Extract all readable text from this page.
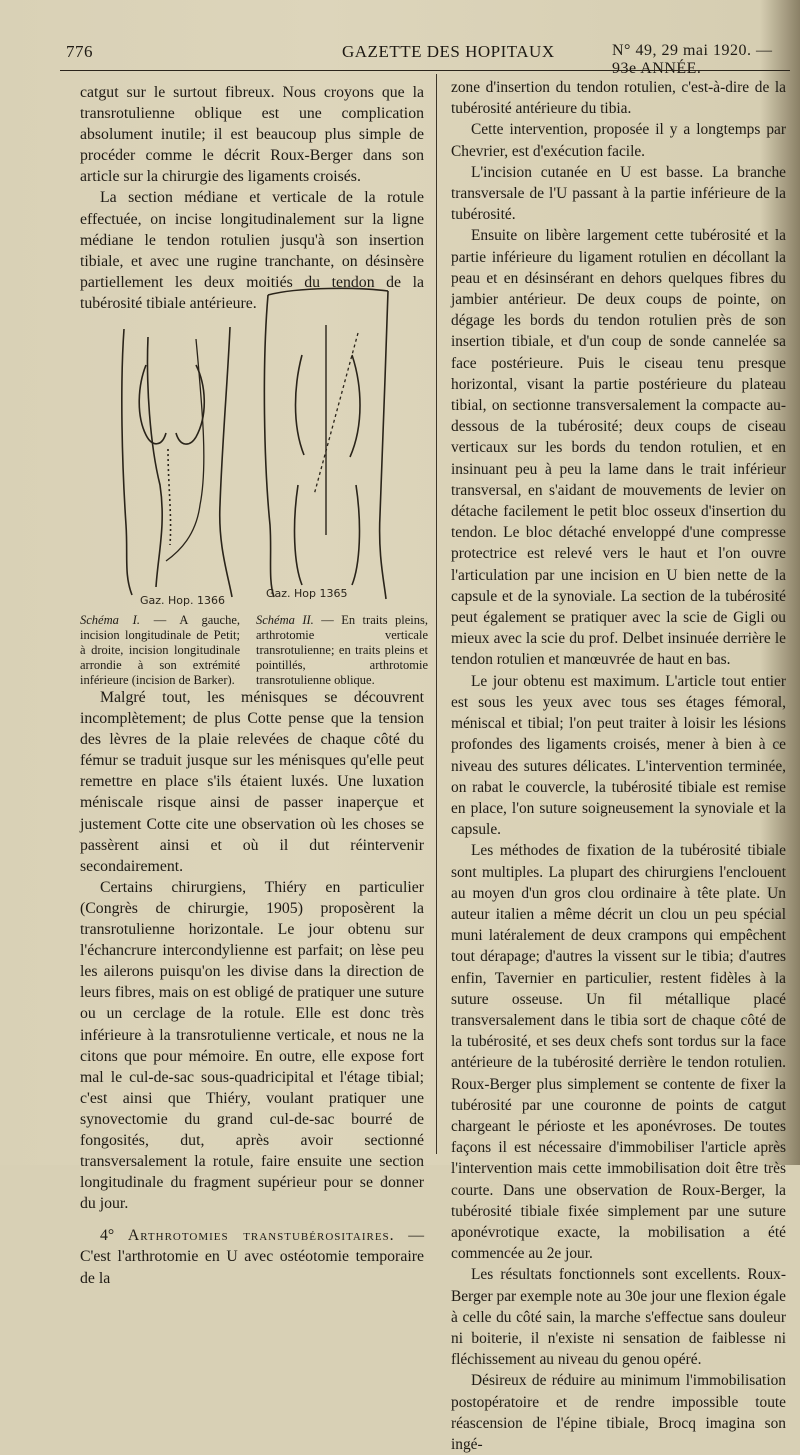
776	GAZETTE DES HOPITAUX	N° 49, 29 mai 1920. — 93e ANNÉE.

catgut sur le surtout fibreux. Nous croyons que la transrotulienne oblique est une complication absolument inutile; il est beaucoup plus simple de procéder comme le décrit Roux-Berger dans son article sur la chirurgie des ligaments croisés.

La section médiane et verticale de la rotule effectuée, on incise longitudinalement sur la ligne médiane le tendon rotulien jusqu'à son insertion tibiale, et avec une rugine tranchante, on désinsère partiellement les deux moitiés du tendon de la tubérosité tibiale antérieure.

Gaz. Hop. 1366
Gaz. Hop 1365
Schéma I. — A gauche, incision longitudinale de Petit; à droite, incision longitudinale arrondie à son extrémité inférieure (incision de Barker).
Schéma II. — En traits pleins, arthrotomie verticale transrotulienne; en traits pleins et pointillés, arthrotomie transrotulienne oblique.

Malgré tout, les ménisques se découvrent incomplètement; de plus Cotte pense que la tension des lèvres de la plaie relevées de chaque côté du fémur se traduit jusque sur les ménisques qu'elle peut remettre en place s'ils étaient luxés. Une luxation méniscale risque ainsi de passer inaperçue et justement Cotte cite une observation où les choses se passèrent ainsi et où il dut réintervenir secondairement.

Certains chirurgiens, Thiéry en particulier (Congrès de chirurgie, 1905) proposèrent la transrotulienne horizontale. Le jour obtenu sur l'échancrure intercondylienne est parfait; on lèse peu les ailerons puisqu'on les divise dans la direction de leurs fibres, mais on est obligé de pratiquer une suture ou un cerclage de la rotule. Elle est donc très inférieure à la transrotulienne verticale, et nous ne la citons que pour mémoire. En outre, elle expose fort mal le cul-de-sac sous-quadricipital et l'étage tibial; c'est ainsi que Thiéry, voulant pratiquer une synovectomie du grand cul-de-sac bourré de fongosités, dut, après avoir sectionné transversalement la rotule, faire ensuite une section longitudinale du fragment supérieur pour se donner du jour.

4° Arthrotomies transtubérositaires. — C'est l'arthrotomie en U avec ostéotomie temporaire de la

zone d'insertion du tendon rotulien, c'est-à-dire de la tubérosité antérieure du tibia.

Cette intervention, proposée il y a longtemps par Chevrier, est d'exécution facile.

L'incision cutanée en U est basse. La branche transversale de l'U passant à la partie inférieure de la tubérosité.

Ensuite on libère largement cette tubérosité et la partie inférieure du ligament rotulien en décollant la peau et en désinsérant en dehors quelques fibres du jambier antérieur. De deux coups de pointe, on dégage les bords du tendon rotulien près de son insertion tibiale, et d'un coup de sonde cannelée sa face postérieure. Puis le ciseau tenu presque horizontal, visant la partie postérieure du plateau tibial, on sectionne transversalement la compacte au-dessous de la tubérosité; deux coups de ciseau verticaux sur les bords du tendon rotulien, et en insinuant peu à peu la lame dans le trait inférieur transversal, en s'aidant de mouvements de levier on détache facilement le petit bloc osseux d'insertion du tendon. Le bloc détaché enveloppé d'une compresse protectrice est relevé vers le haut et l'on ouvre l'articulation par une incision en U bien nette de la capsule et de la synoviale. La section de la tubérosité peut également se pratiquer avec la scie de Gigli ou mieux avec la scie du prof. Delbet insinuée derrière le tendon rotulien et manœuvrée de haut en bas.

Le jour obtenu est maximum. L'article tout entier est sous les yeux avec tous ses étages fémoral, méniscal et tibial; l'on peut traiter à loisir les lésions profondes des ligaments croisés, mener à bien à ce niveau des sutures délicates. L'intervention terminée, on rabat le couvercle, la tubérosité tibiale est remise en place, l'on suture soigneusement la synoviale et la capsule.

Les méthodes de fixation de la tubérosité tibiale sont multiples. La plupart des chirurgiens l'enclouent au moyen d'un gros clou ordinaire à tête plate. Un auteur italien a même décrit un clou un peu spécial muni latéralement de deux crampons qui empêchent tout dérapage; d'autres la vissent sur le tibia; d'autres enfin, Tavernier en particulier, restent fidèles à la suture osseuse. Un fil métallique placé transversalement dans le tibia sort de chaque côté de la tubérosité, et ses deux chefs sont tordus sur la face antérieure de la tubérosité derrière le tendon rotulien. Roux-Berger plus simplement se contente de fixer la tubérosité par une couronne de points de catgut chargeant le périoste et les aponévroses. De toutes façons il est nécessaire d'immobiliser l'article après l'intervention mais cette immobilisation doit être très courte. Dans une observation de Roux-Berger, la tubérosité tibiale fixée simplement par une suture aponévrotique exacte, la mobilisation a été commencée au 2e jour.

Les résultats fonctionnels sont excellents. Roux-Berger par exemple note au 30e jour une flexion égale à celle du côté sain, la marche s'effectue sans douleur ni boiterie, il n'existe ni sensation de faiblesse ni fléchissement au niveau du genou opéré.

Désireux de réduire au minimum l'immobilisation postopératoire et de rendre impossible toute réascension de l'épine tibiale, Brocq imagina son ingé-
